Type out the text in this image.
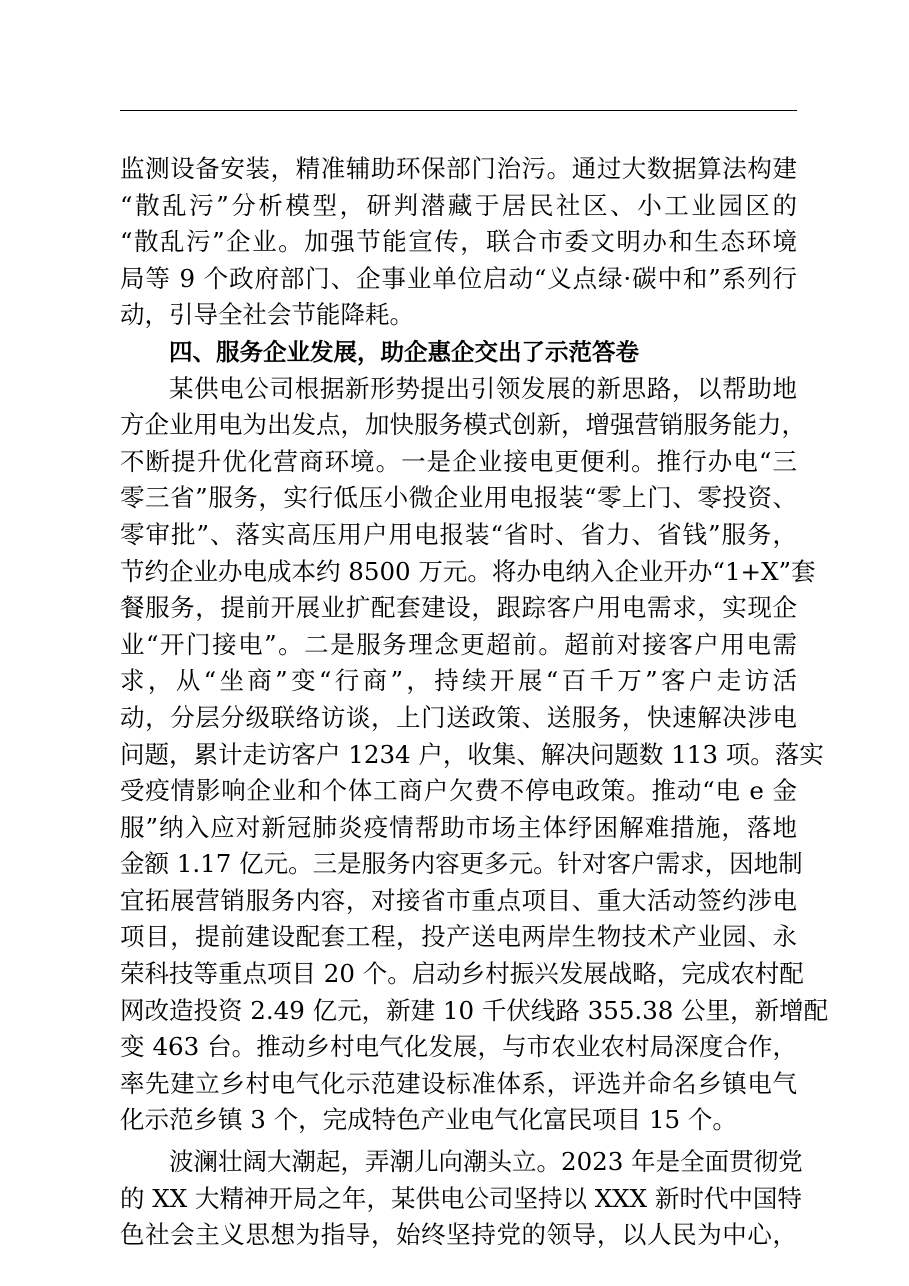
监测设备安装，精准辅助环保部门治污。通过大数据算法构建
“散乱污”分析模型，研判潜藏于居民社区、小工业园区的
“散乱污”企业。加强节能宣传，联合市委文明办和生态环境
局等 9 个政府部门、企事业单位启动“义点绿·碳中和”系列行
动，引导全社会节能降耗。
四、服务企业发展，助企惠企交出了示范答卷
某供电公司根据新形势提出引领发展的新思路，以帮助地
方企业用电为出发点，加快服务模式创新，增强营销服务能力，
不断提升优化营商环境。一是企业接电更便利。推行办电“三
零三省”服务，实行低压小微企业用电报装“零上门、零投资、
零审批”、落实高压用户用电报装“省时、省力、省钱”服务，
节约企业办电成本约 8500 万元。将办电纳入企业开办“1+X”套
餐服务，提前开展业扩配套建设，跟踪客户用电需求，实现企
业“开门接电”。二是服务理念更超前。超前对接客户用电需
求，从“坐商”变“行商”，持续开展“百千万”客户走访活
动，分层分级联络访谈，上门送政策、送服务，快速解决涉电
问题，累计走访客户 1234 户，收集、解决问题数 113 项。落实
受疫情影响企业和个体工商户欠费不停电政策。推动“电 e 金
服”纳入应对新冠肺炎疫情帮助市场主体纾困解难措施，落地
金额 1.17 亿元。三是服务内容更多元。针对客户需求，因地制
宜拓展营销服务内容，对接省市重点项目、重大活动签约涉电
项目，提前建设配套工程，投产送电两岸生物技术产业园、永
荣科技等重点项目 20 个。启动乡村振兴发展战略，完成农村配
网改造投资 2.49 亿元，新建 10 千伏线路 355.38 公里，新增配
变 463 台。推动乡村电气化发展，与市农业农村局深度合作，
率先建立乡村电气化示范建设标准体系，评选并命名乡镇电气
化示范乡镇 3 个，完成特色产业电气化富民项目 15 个。
波澜壮阔大潮起，弄潮儿向潮头立。2023 年是全面贯彻党
的 XX 大精神开局之年，某供电公司坚持以 XXX 新时代中国特
色社会主义思想为指导，始终坚持党的领导，以人民为中心，
